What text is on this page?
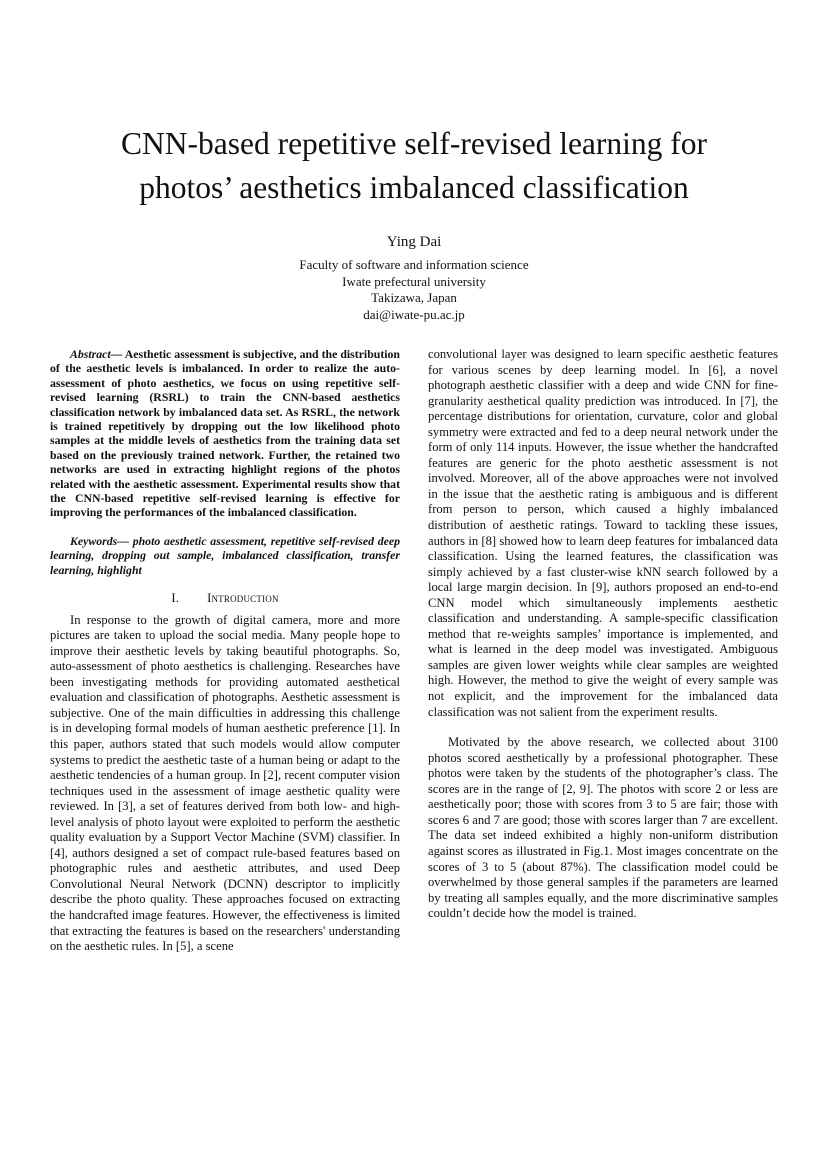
CNN-based repetitive self-revised learning for
photos’ aesthetics imbalanced classification
Ying Dai
Faculty of software and information science
Iwate prefectural university
Takizawa, Japan
dai@iwate-pu.ac.jp

Abstract— Aesthetic assessment is subjective, and the distribution of the aesthetic levels is imbalanced. In order to realize the auto-assessment of photo aesthetics, we focus on using repetitive self-revised learning (RSRL) to train the CNN-based aesthetics classification network by imbalanced data set. As RSRL, the network is trained repetitively by dropping out the low likelihood photo samples at the middle levels of aesthetics from the training data set based on the previously trained network. Further, the retained two networks are used in extracting highlight regions of the photos related with the aesthetic assessment. Experimental results show that the CNN-based repetitive self-revised learning is effective for improving the performances of the imbalanced classification.

Keywords— photo aesthetic assessment, repetitive self-revised deep learning, dropping out sample, imbalanced classification, transfer learning, highlight

I. Introduction

In response to the growth of digital camera, more and more pictures are taken to upload the social media. Many people hope to improve their aesthetic levels by taking beautiful photographs. So, auto-assessment of photo aesthetics is challenging. Researches have been investigating methods for providing automated aesthetical evaluation and classification of photographs. Aesthetic assessment is subjective. One of the main difficulties in addressing this challenge is in developing formal models of human aesthetic preference [1]. In this paper, authors stated that such models would allow computer systems to predict the aesthetic taste of a human being or adapt to the aesthetic tendencies of a human group. In [2], recent computer vision techniques used in the assessment of image aesthetic quality were reviewed. In [3], a set of features derived from both low- and high-level analysis of photo layout were exploited to perform the aesthetic quality evaluation by a Support Vector Machine (SVM) classifier. In [4], authors designed a set of compact rule-based features based on photographic rules and aesthetic attributes, and used Deep Convolutional Neural Network (DCNN) descriptor to implicitly describe the photo quality. These approaches focused on extracting the handcrafted image features. However, the effectiveness is limited that extracting the features is based on the researchers' understanding on the aesthetic rules. In [5], a scene

convolutional layer was designed to learn specific aesthetic features for various scenes by deep learning model. In [6], a novel photograph aesthetic classifier with a deep and wide CNN for fine-granularity aesthetical quality prediction was introduced. In [7], the percentage distributions for orientation, curvature, color and global symmetry were extracted and fed to a deep neural network under the form of only 114 inputs. However, the issue whether the handcrafted features are generic for the photo aesthetic assessment is not involved. Moreover, all of the above approaches were not involved in the issue that the aesthetic rating is ambiguous and is different from person to person, which caused a highly imbalanced distribution of aesthetic ratings. Toward to tackling these issues, authors in [8] showed how to learn deep features for imbalanced data classification. Using the learned features, the classification was simply achieved by a fast cluster-wise kNN search followed by a local large margin decision. In [9], authors proposed an end-to-end CNN model which simultaneously implements aesthetic classification and understanding. A sample-specific classification method that re-weights samples’ importance is implemented, and what is learned in the deep model was investigated. Ambiguous samples are given lower weights while clear samples are weighted high. However, the method to give the weight of every sample was not explicit, and the improvement for the imbalanced data classification was not salient from the experiment results.

Motivated by the above research, we collected about 3100 photos scored aesthetically by a professional photographer. These photos were taken by the students of the photographer’s class. The scores are in the range of [2, 9]. The photos with score 2 or less are aesthetically poor; those with scores from 3 to 5 are fair; those with scores 6 and 7 are good; those with scores larger than 7 are excellent. The data set indeed exhibited a highly non-uniform distribution against scores as illustrated in Fig.1. Most images concentrate on the scores of 3 to 5 (about 87%). The classification model could be overwhelmed by those general samples if the parameters are learned by treating all samples equally, and the more discriminative samples couldn’t decide how the model is trained.
